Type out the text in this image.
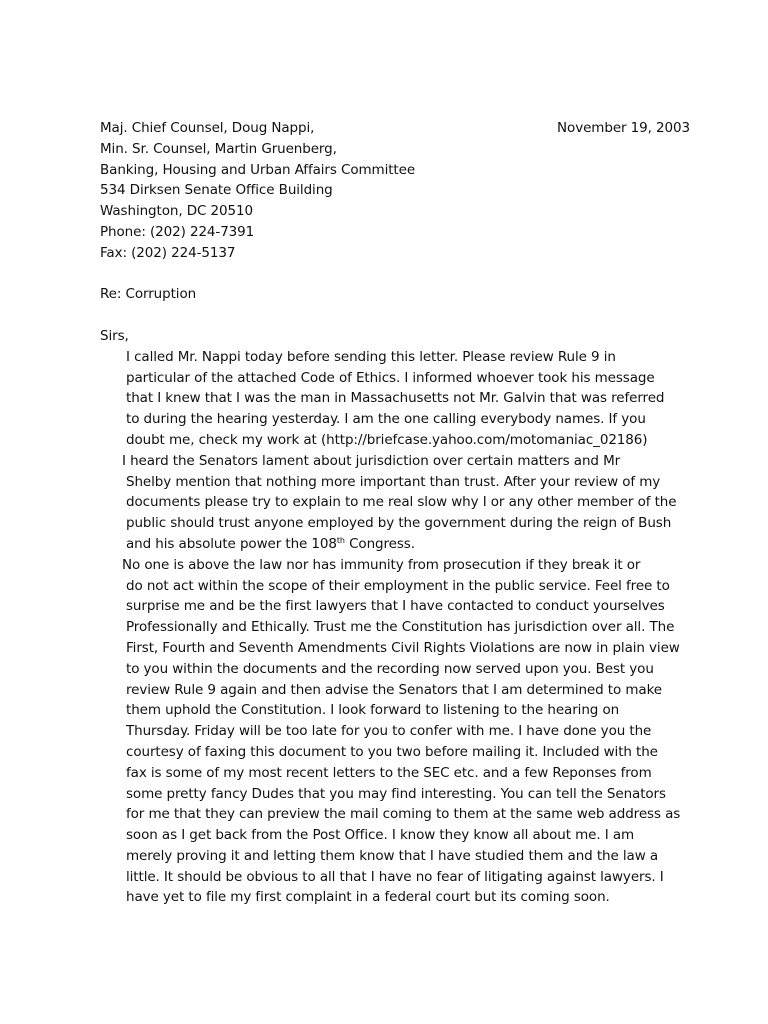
November 19, 2003
Maj. Chief Counsel, Doug Nappi,
Min. Sr. Counsel, Martin Gruenberg,
Banking, Housing and Urban Affairs Committee
534 Dirksen Senate Office Building
Washington, DC 20510
Phone: (202) 224-7391
Fax: (202) 224-5137
Re: Corruption
Sirs,
I called Mr. Nappi today before sending this letter. Please review Rule 9 in
particular of the attached Code of Ethics. I informed whoever took his message
that I knew that I was the man in Massachusetts not Mr. Galvin that was referred
to during the hearing yesterday. I am the one calling everybody names. If you
doubt me, check my work at (http://briefcase.yahoo.com/motomaniac_02186)
I heard the Senators lament about jurisdiction over certain matters and Mr
Shelby mention that nothing more important than trust. After your review of my
documents please try to explain to me real slow why I or any other member of the
public should trust anyone employed by the government during the reign of Bush
and his absolute power the 108th Congress.
No one is above the law nor has immunity from prosecution if they break it or
do not act within the scope of their employment in the public service. Feel free to
surprise me and be the first lawyers that I have contacted to conduct yourselves
Professionally and Ethically. Trust me the Constitution has jurisdiction over all. The
First, Fourth and Seventh Amendments Civil Rights Violations are now in plain view
to you within the documents and the recording now served upon you. Best you
review Rule 9 again and then advise the Senators that I am determined to make
them uphold the Constitution. I look forward to listening to the hearing on
Thursday. Friday will be too late for you to confer with me. I have done you the
courtesy of faxing this document to you two before mailing it. Included with the
fax is some of my most recent letters to the SEC etc. and a few Reponses from
some pretty fancy Dudes that you may find interesting. You can tell the Senators
for me that they can preview the mail coming to them at the same web address as
soon as I get back from the Post Office. I know they know all about me. I am
merely proving it and letting them know that I have studied them and the law a
little. It should be obvious to all that I have no fear of litigating against lawyers. I
have yet to file my first complaint in a federal court but its coming soon.
